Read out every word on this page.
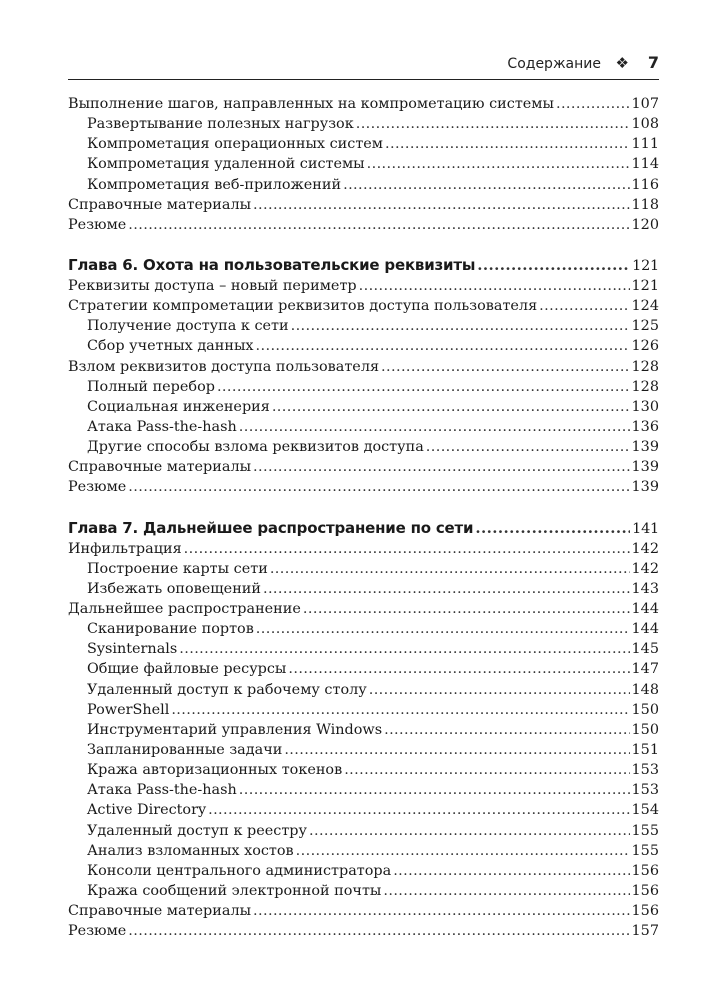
Содержание ❖ 7
Выполнение шагов, направленных на компрометацию системы .....	107
Развертывание полезных нагрузок .....	108
Компрометация операционных систем .....	111
Компрометация удаленной системы .....	114
Компрометация веб-приложений .....	116
Справочные материалы .....	118
Резюме .....	120
Глава 6. Охота на пользовательские реквизиты .....	121
Реквизиты доступа – новый периметр .....	121
Стратегии компрометации реквизитов доступа пользователя .....	124
Получение доступа к сети .....	125
Сбор учетных данных .....	126
Взлом реквизитов доступа пользователя .....	128
Полный перебор .....	128
Социальная инженерия .....	130
Атака Pass-the-hash .....	136
Другие способы взлома реквизитов доступа .....	139
Справочные материалы .....	139
Резюме .....	139
Глава 7. Дальнейшее распространение по сети .....	141
Инфильтрация .....	142
Построение карты сети .....	142
Избежать оповещений .....	143
Дальнейшее распространение .....	144
Сканирование портов .....	144
Sysinternals .....	145
Общие файловые ресурсы .....	147
Удаленный доступ к рабочему столу .....	148
PowerShell .....	150
Инструментарий управления Windows .....	150
Запланированные задачи .....	151
Кража авторизационных токенов .....	153
Атака Pass-the-hash .....	153
Active Directory .....	154
Удаленный доступ к реестру .....	155
Анализ взломанных хостов .....	155
Консоли центрального администратора .....	156
Кража сообщений электронной почты .....	156
Справочные материалы .....	156
Резюме .....	157
